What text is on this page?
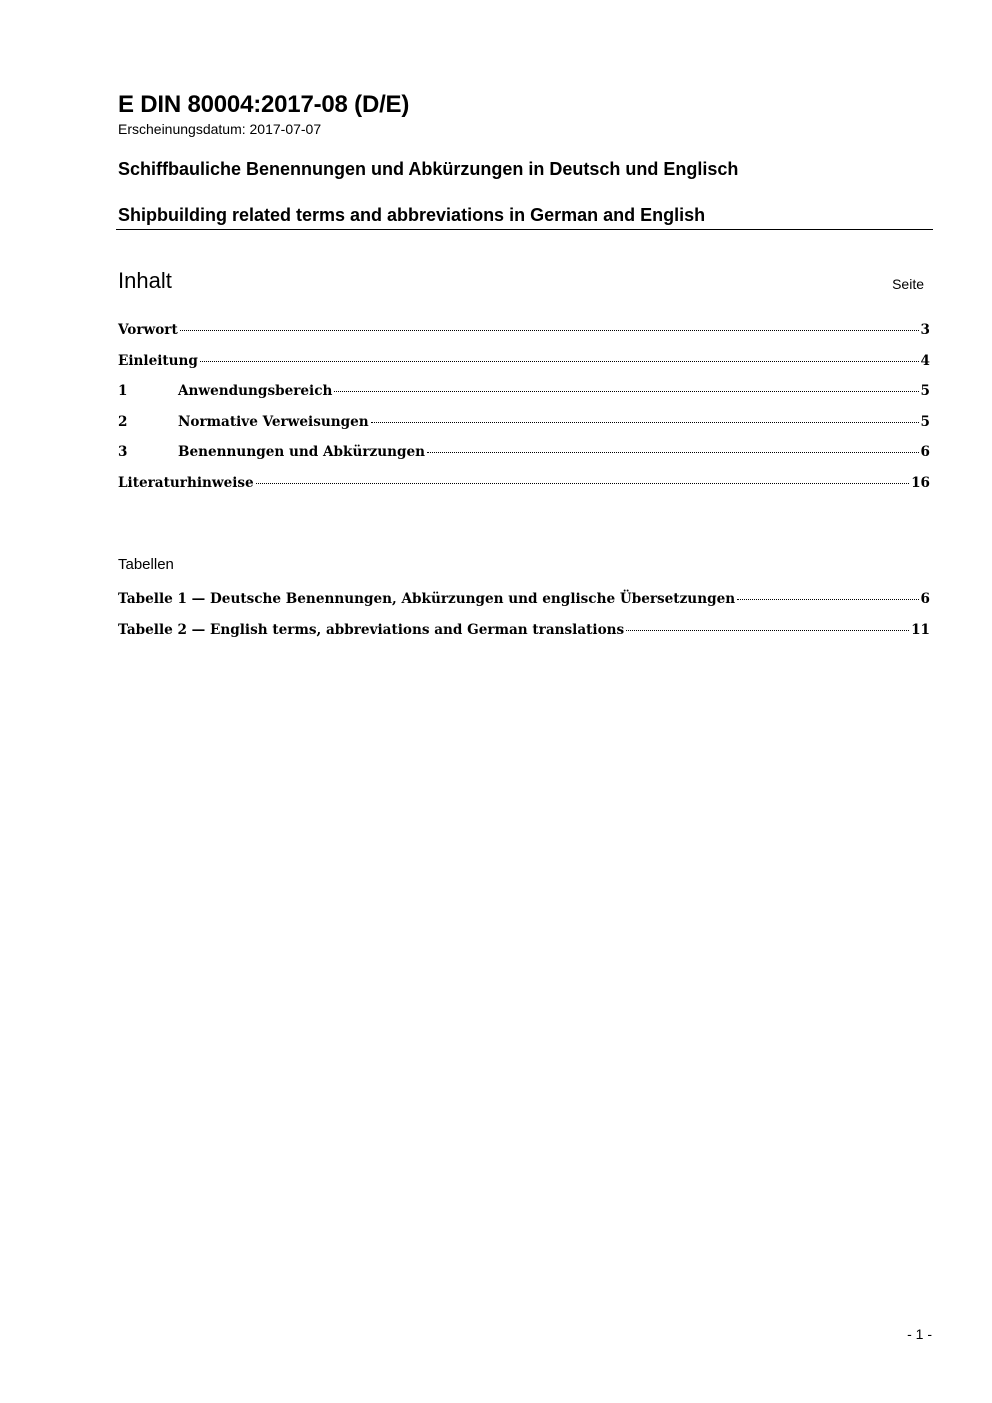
E DIN 80004:2017-08 (D/E)
Erscheinungsdatum: 2017-07-07
Schiffbauliche Benennungen und Abkürzungen in Deutsch und Englisch
Shipbuilding related terms and abbreviations in German and English
Inhalt	Seite
Vorwort	3
Einleitung	4
1	Anwendungsbereich	5
2	Normative Verweisungen	5
3	Benennungen und Abkürzungen	6
Literaturhinweise	16
Tabellen
Tabelle 1 — Deutsche Benennungen, Abkürzungen und englische Übersetzungen	6
Tabelle 2 — English terms, abbreviations and German translations	11
- 1 -
